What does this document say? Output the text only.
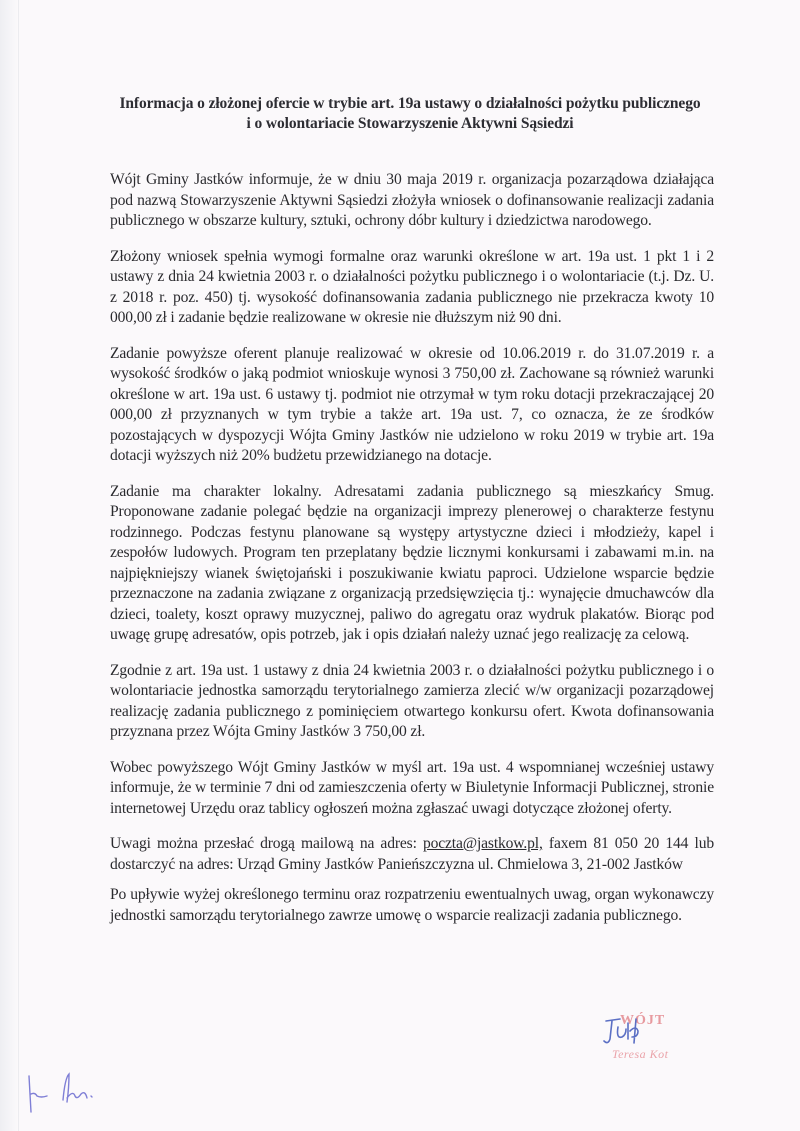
Informacja o złożonej ofercie w trybie art. 19a ustawy o działalności pożytku publicznego
i o wolontariacie Stowarzyszenie Aktywni Sąsiedzi

Wójt Gminy Jastków informuje, że w dniu 30 maja 2019 r. organizacja pozarządowa działająca pod nazwą Stowarzyszenie Aktywni Sąsiedzi złożyła wniosek o dofinansowanie realizacji zadania publicznego w obszarze kultury, sztuki, ochrony dóbr kultury i dziedzictwa narodowego.

Złożony wniosek spełnia wymogi formalne oraz warunki określone w art. 19a ust. 1 pkt 1 i 2 ustawy z dnia 24 kwietnia 2003 r. o działalności pożytku publicznego i o wolontariacie (t.j. Dz. U. z 2018 r. poz. 450) tj. wysokość dofinansowania zadania publicznego nie przekracza kwoty 10 000,00 zł i zadanie będzie realizowane w okresie nie dłuższym niż 90 dni.

Zadanie powyższe oferent planuje realizować w okresie od 10.06.2019 r. do 31.07.2019 r. a wysokość środków o jaką podmiot wnioskuje wynosi 3 750,00 zł. Zachowane są również warunki określone w art. 19a ust. 6 ustawy tj. podmiot nie otrzymał w tym roku dotacji przekraczającej 20 000,00 zł przyznanych w tym trybie a także art. 19a ust. 7, co oznacza, że ze środków pozostających w dyspozycji Wójta Gminy Jastków nie udzielono w roku 2019 w trybie art. 19a dotacji wyższych niż 20% budżetu przewidzianego na dotacje.

Zadanie ma charakter lokalny. Adresatami zadania publicznego są mieszkańcy Smug. Proponowane zadanie polegać będzie na organizacji imprezy plenerowej o charakterze festynu rodzinnego. Podczas festynu planowane są występy artystyczne dzieci i młodzieży, kapel i zespołów ludowych. Program ten przeplatany będzie licznymi konkursami i zabawami m.in. na najpiękniejszy wianek świętojański i poszukiwanie kwiatu paproci. Udzielone wsparcie będzie przeznaczone na zadania związane z organizacją przedsięwzięcia tj.: wynajęcie dmuchawców dla dzieci, toalety, koszt oprawy muzycznej, paliwo do agregatu oraz wydruk plakatów. Biorąc pod uwagę grupę adresatów, opis potrzeb, jak i opis działań należy uznać jego realizację za celową.

Zgodnie z art. 19a ust. 1 ustawy z dnia 24 kwietnia 2003 r. o działalności pożytku publicznego i o wolontariacie jednostka samorządu terytorialnego zamierza zlecić w/w organizacji pozarządowej realizację zadania publicznego z pominięciem otwartego konkursu ofert. Kwota dofinansowania przyznana przez Wójta Gminy Jastków 3 750,00 zł.

Wobec powyższego Wójt Gminy Jastków w myśl art. 19a ust. 4 wspomnianej wcześniej ustawy informuje, że w terminie 7 dni od zamieszczenia oferty w Biuletynie Informacji Publicznej, stronie internetowej Urzędu oraz tablicy ogłoszeń można zgłaszać uwagi dotyczące złożonej oferty.

Uwagi można przesłać drogą mailową na adres: poczta@jastkow.pl, faxem 81 050 20 144 lub dostarczyć na adres: Urząd Gminy Jastków Panieńszczyzna ul. Chmielowa 3, 21-002 Jastków

Po upływie wyżej określonego terminu oraz rozpatrzeniu ewentualnych uwag, organ wykonawczy jednostki samorządu terytorialnego zawrze umowę o wsparcie realizacji zadania publicznego.

WÓJT
Teresa Kot
